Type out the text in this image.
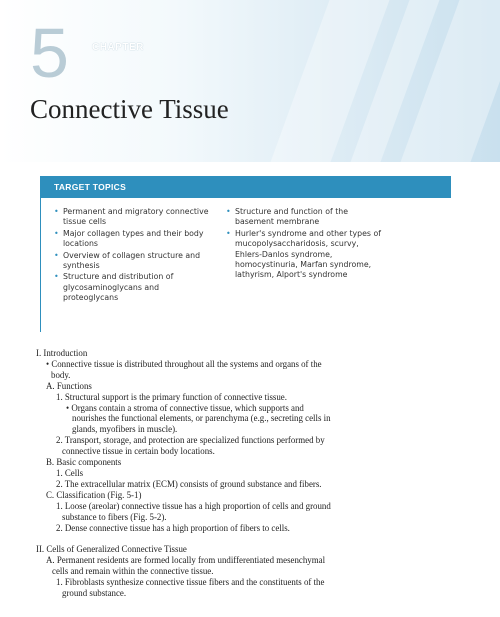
5 CHAPTER
Connective Tissue
TARGET TOPICS
• Permanent and migratory connective tissue cells
• Major collagen types and their body locations
• Overview of collagen structure and synthesis
• Structure and distribution of glycosaminoglycans and proteoglycans
• Structure and function of the basement membrane
• Hurler's syndrome and other types of mucopolysaccharidosis, scurvy, Ehlers-Danlos syndrome, homocystinuria, Marfan syndrome, lathyrism, Alport's syndrome
I. Introduction
• Connective tissue is distributed throughout all the systems and organs of the
body.
A. Functions
1. Structural support is the primary function of connective tissue.
• Organs contain a stroma of connective tissue, which supports and
nourishes the functional elements, or parenchyma (e.g., secreting cells in
glands, myofibers in muscle).
2. Transport, storage, and protection are specialized functions performed by
connective tissue in certain body locations.
B. Basic components
1. Cells
2. The extracellular matrix (ECM) consists of ground substance and fibers.
C. Classification (Fig. 5-1)
1. Loose (areolar) connective tissue has a high proportion of cells and ground
substance to fibers (Fig. 5-2).
2. Dense connective tissue has a high proportion of fibers to cells.
II. Cells of Generalized Connective Tissue
A. Permanent residents are formed locally from undifferentiated mesenchymal
cells and remain within the connective tissue.
1. Fibroblasts synthesize connective tissue fibers and the constituents of the
ground substance.
